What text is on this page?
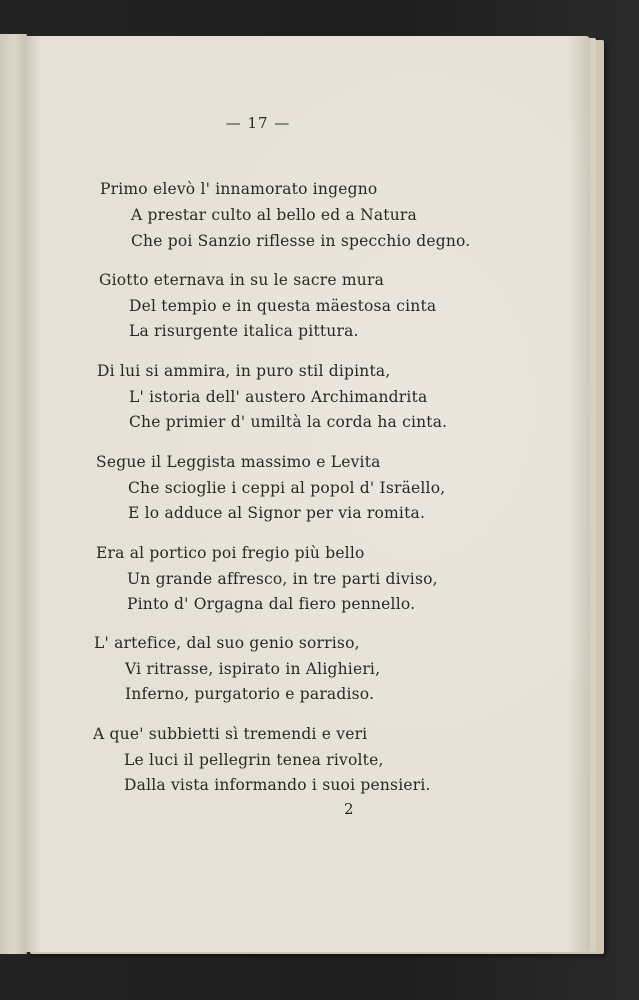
— 17 —
Primo elevò l' innamorato ingegno
A prestar culto al bello ed a Natura
Che poi Sanzio riflesse in specchio degno.
Giotto eternava in su le sacre mura
Del tempio e in questa mäestosa cinta
La risurgente italica pittura.
Di lui si ammira, in puro stil dipinta,
L' istoria dell' austero Archimandrita
Che primier d' umiltà la corda ha cinta.
Segue il Leggista massimo e Levita
Che scioglie i ceppi al popol d' Isräello,
E lo adduce al Signor per via romita.
Era al portico poi fregio più bello
Un grande affresco, in tre parti diviso,
Pinto d' Orgagna dal fiero pennello.
L' artefice, dal suo genio sorriso,
Vi ritrasse, ispirato in Alighieri,
Inferno, purgatorio e paradiso.
A que' subbietti sì tremendi e veri
Le luci il pellegrin tenea rivolte,
Dalla vista informando i suoi pensieri.
2
